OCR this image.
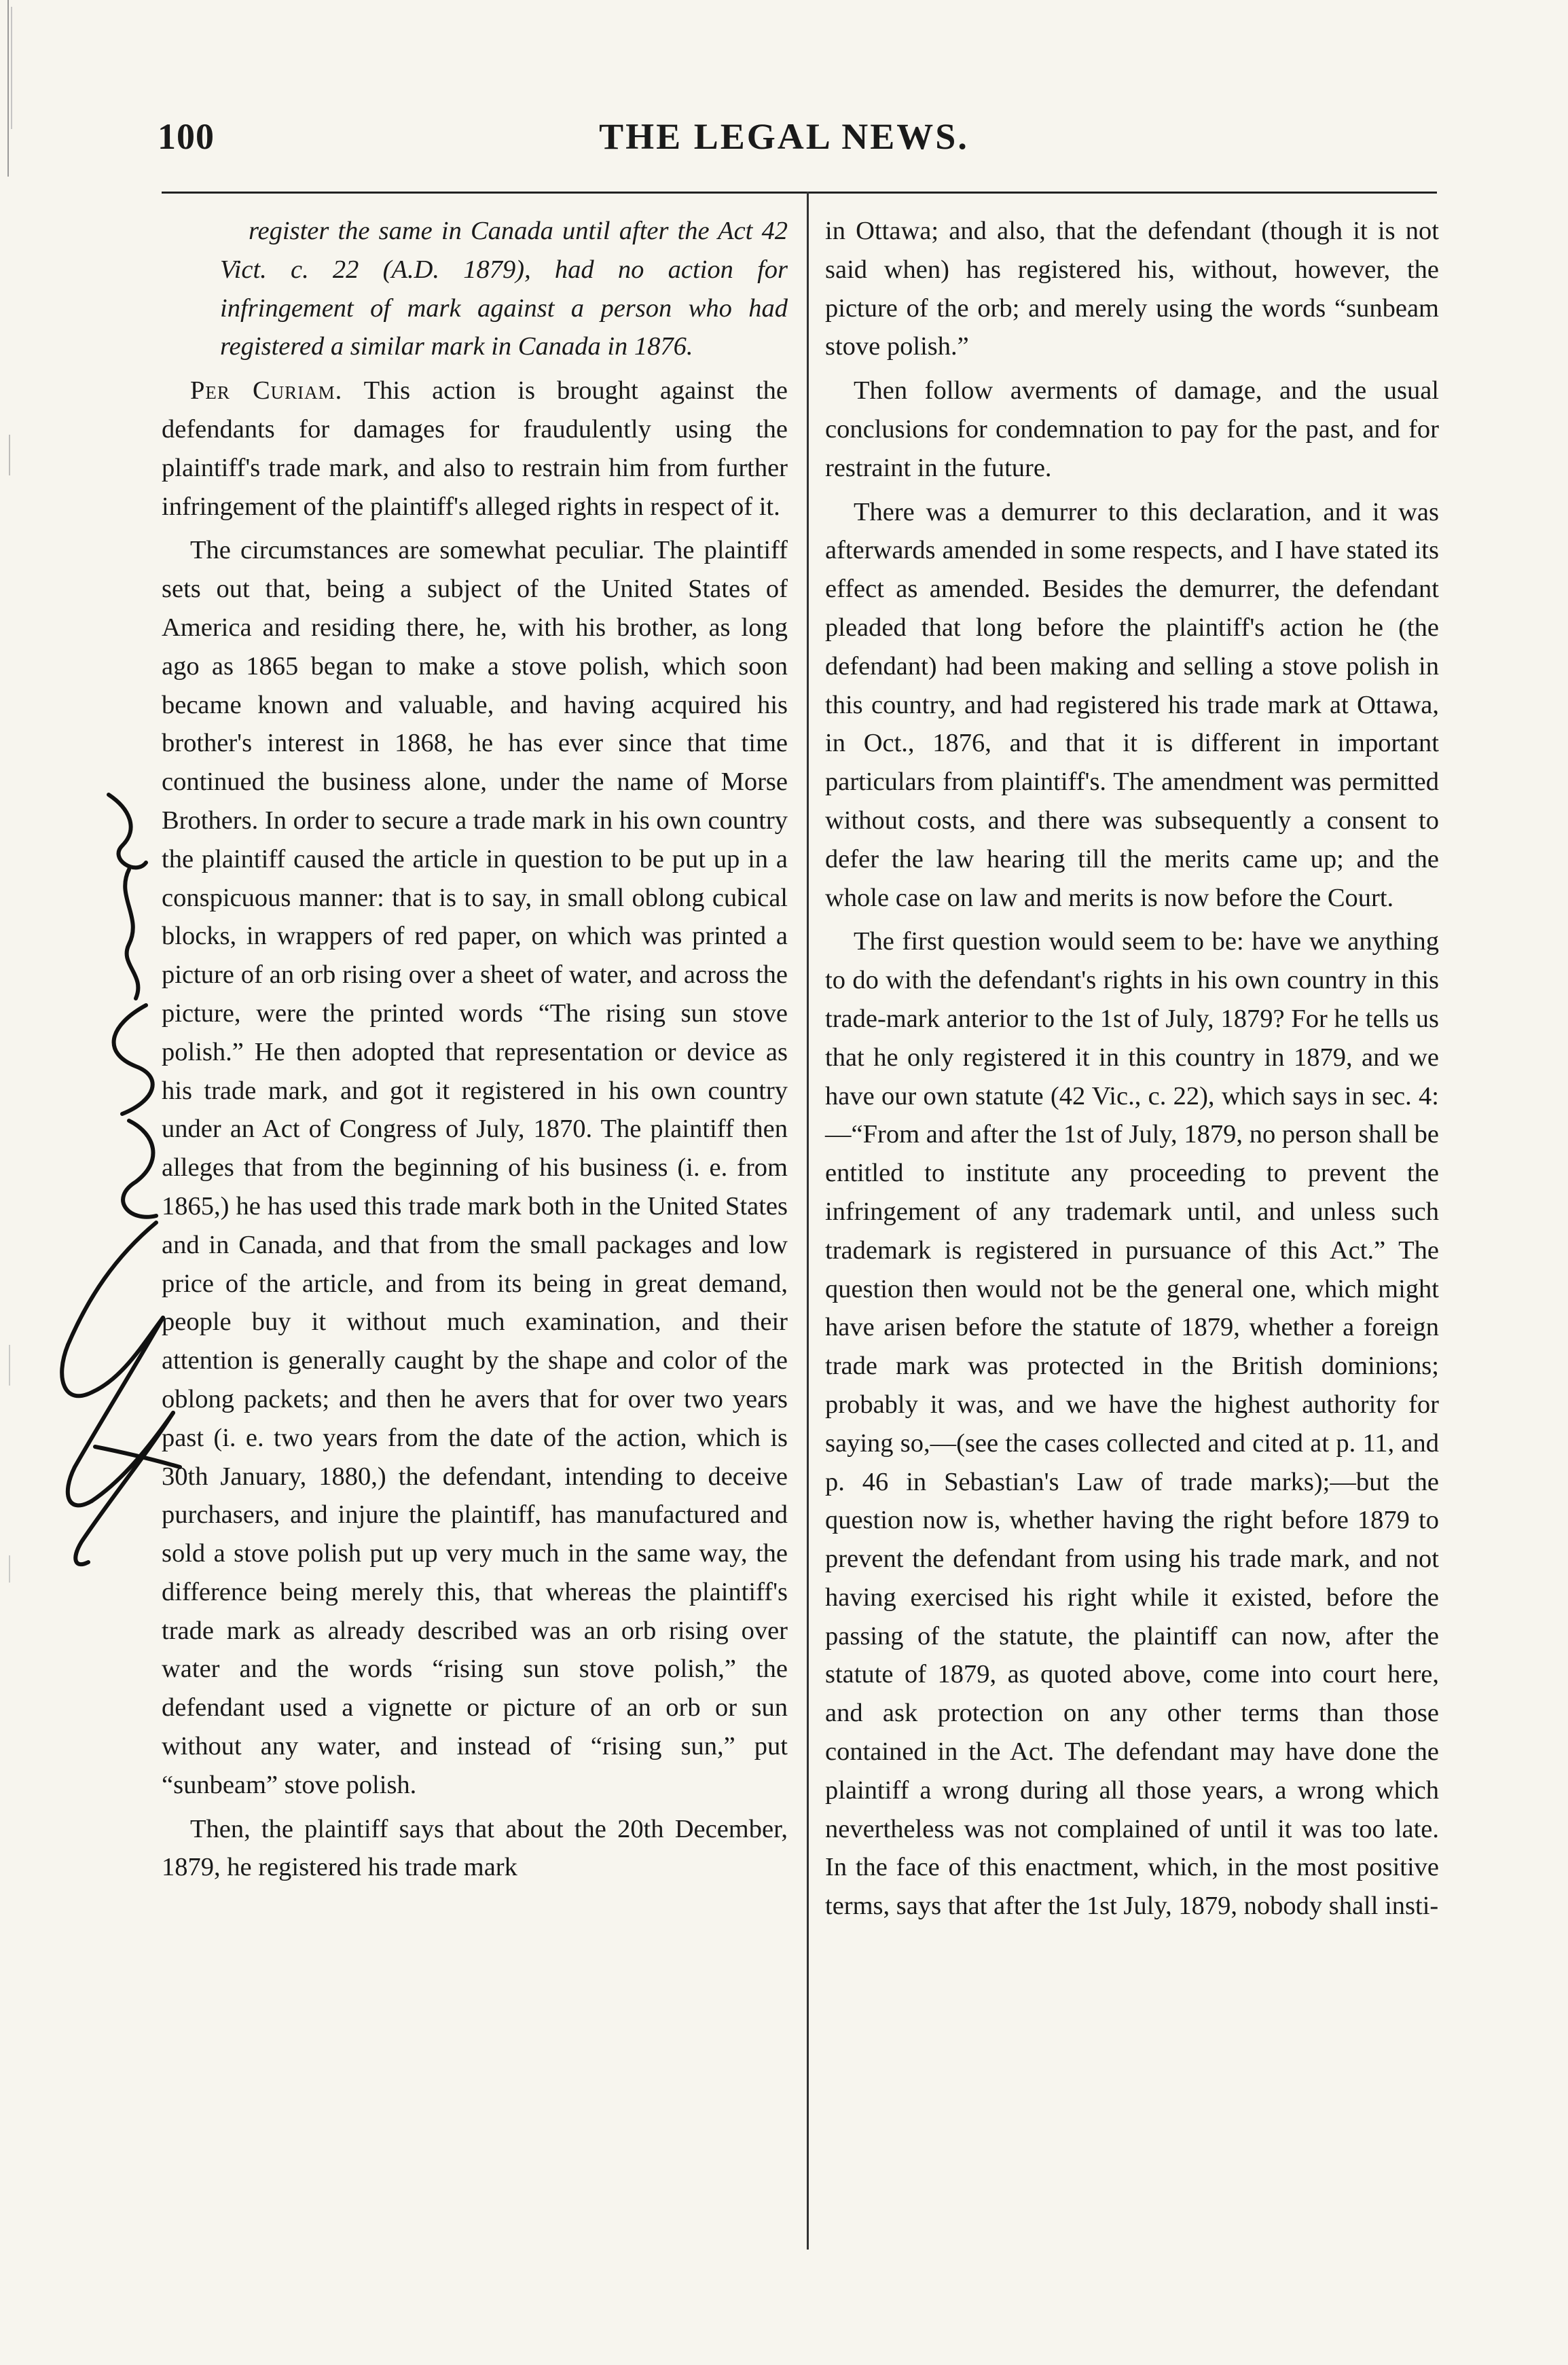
100	THE LEGAL NEWS.

register the same in Canada until after the Act 42 Vict. c. 22 (A.D. 1879), had no action for infringement of mark against a person who had registered a similar mark in Canada in 1876.

Per Curiam. This action is brought against the defendants for damages for fraudulently using the plaintiff's trade mark, and also to restrain him from further infringement of the plaintiff's alleged rights in respect of it.

The circumstances are somewhat peculiar. The plaintiff sets out that, being a subject of the United States of America and residing there, he, with his brother, as long ago as 1865 began to make a stove polish, which soon became known and valuable, and having acquired his brother's interest in 1868, he has ever since that time continued the business alone, under the name of Morse Brothers. In order to secure a trade mark in his own country the plaintiff caused the article in question to be put up in a conspicuous manner: that is to say, in small oblong cubical blocks, in wrappers of red paper, on which was printed a picture of an orb rising over a sheet of water, and across the picture, were the printed words “The rising sun stove polish.” He then adopted that representation or device as his trade mark, and got it registered in his own country under an Act of Congress of July, 1870. The plaintiff then alleges that from the beginning of his business (i. e. from 1865,) he has used this trade mark both in the United States and in Canada, and that from the small packages and low price of the article, and from its being in great demand, people buy it without much examination, and their attention is generally caught by the shape and color of the oblong packets; and then he avers that for over two years past (i. e. two years from the date of the action, which is 30th January, 1880,) the defendant, intending to deceive purchasers, and injure the plaintiff, has manufactured and sold a stove polish put up very much in the same way, the difference being merely this, that whereas the plaintiff's trade mark as already described was an orb rising over water and the words “rising sun stove polish,” the defendant used a vignette or picture of an orb or sun without any water, and instead of “rising sun,” put “sunbeam” stove polish.

Then, the plaintiff says that about the 20th December, 1879, he registered his trade mark

in Ottawa; and also, that the defendant (though it is not said when) has registered his, without, however, the picture of the orb; and merely using the words “sunbeam stove polish.”

Then follow averments of damage, and the usual conclusions for condemnation to pay for the past, and for restraint in the future.

There was a demurrer to this declaration, and it was afterwards amended in some respects, and I have stated its effect as amended. Besides the demurrer, the defendant pleaded that long before the plaintiff's action he (the defendant) had been making and selling a stove polish in this country, and had registered his trade mark at Ottawa, in Oct., 1876, and that it is different in important particulars from plaintiff's. The amendment was permitted without costs, and there was subsequently a consent to defer the law hearing till the merits came up; and the whole case on law and merits is now before the Court.

The first question would seem to be: have we anything to do with the defendant's rights in his own country in this trade-mark anterior to the 1st of July, 1879? For he tells us that he only registered it in this country in 1879, and we have our own statute (42 Vic., c. 22), which says in sec. 4:—“From and after the 1st of July, 1879, no person shall be entitled to institute any proceeding to prevent the infringement of any trademark until, and unless such trademark is registered in pursuance of this Act.” The question then would not be the general one, which might have arisen before the statute of 1879, whether a foreign trade mark was protected in the British dominions; probably it was, and we have the highest authority for saying so,—(see the cases collected and cited at p. 11, and p. 46 in Sebastian's Law of trade marks);—but the question now is, whether having the right before 1879 to prevent the defendant from using his trade mark, and not having exercised his right while it existed, before the passing of the statute, the plaintiff can now, after the statute of 1879, as quoted above, come into court here, and ask protection on any other terms than those contained in the Act. The defendant may have done the plaintiff a wrong during all those years, a wrong which nevertheless was not complained of until it was too late. In the face of this enactment, which, in the most positive terms, says that after the 1st July, 1879, nobody shall insti-
